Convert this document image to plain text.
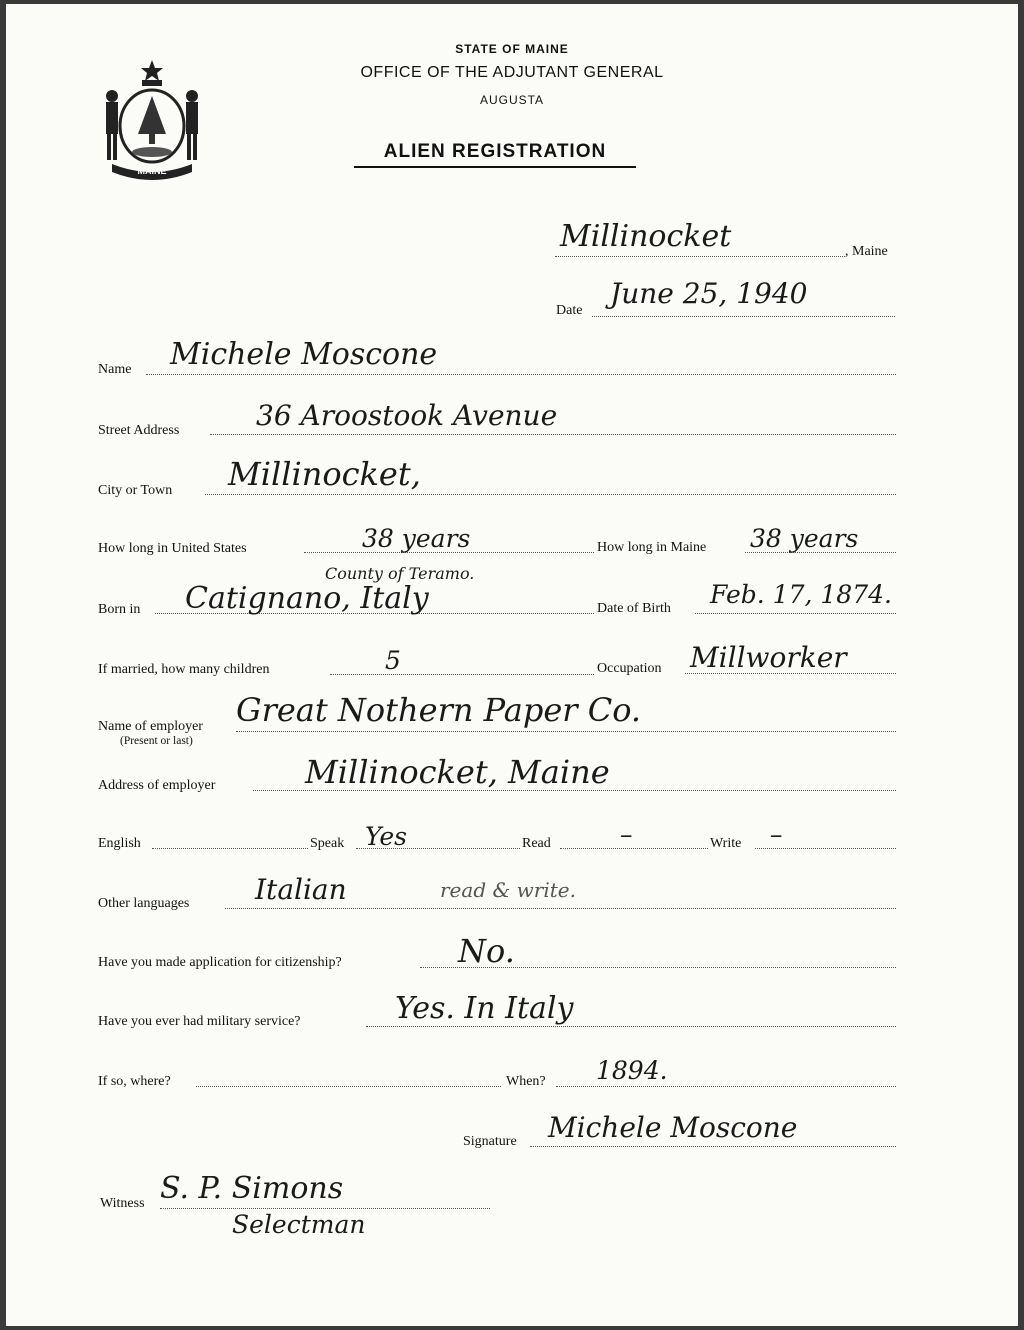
MAINE
STATE OF MAINE
OFFICE OF THE ADJUTANT GENERAL
AUGUSTA
ALIEN REGISTRATION
Millinocket	, Maine
Date
June 25, 1940
Name Michele Moscone
Street Address	36 Aroostook Avenue
City or Town Millinocket,
How long in United States	38 years	How long in Maine 38 years
County of Teramo.
Born in Catignano, Italy	Date of Birth Feb. 17, 1874.
If married, how many children	5	Occupation Millworker
Name of employer
(Present or last)
Great Nothern Paper Co.
Address of employer	Millinocket, Maine
English	Speak Yes	Read	–	Write –
Other languages Italian	read & write.
Have you made application for citizenship?	No.
Have you ever had military service?	Yes. In Italy
If so, where?	When? 1894.
Signature Michele Moscone
Witness S. P. Simons
Selectman
